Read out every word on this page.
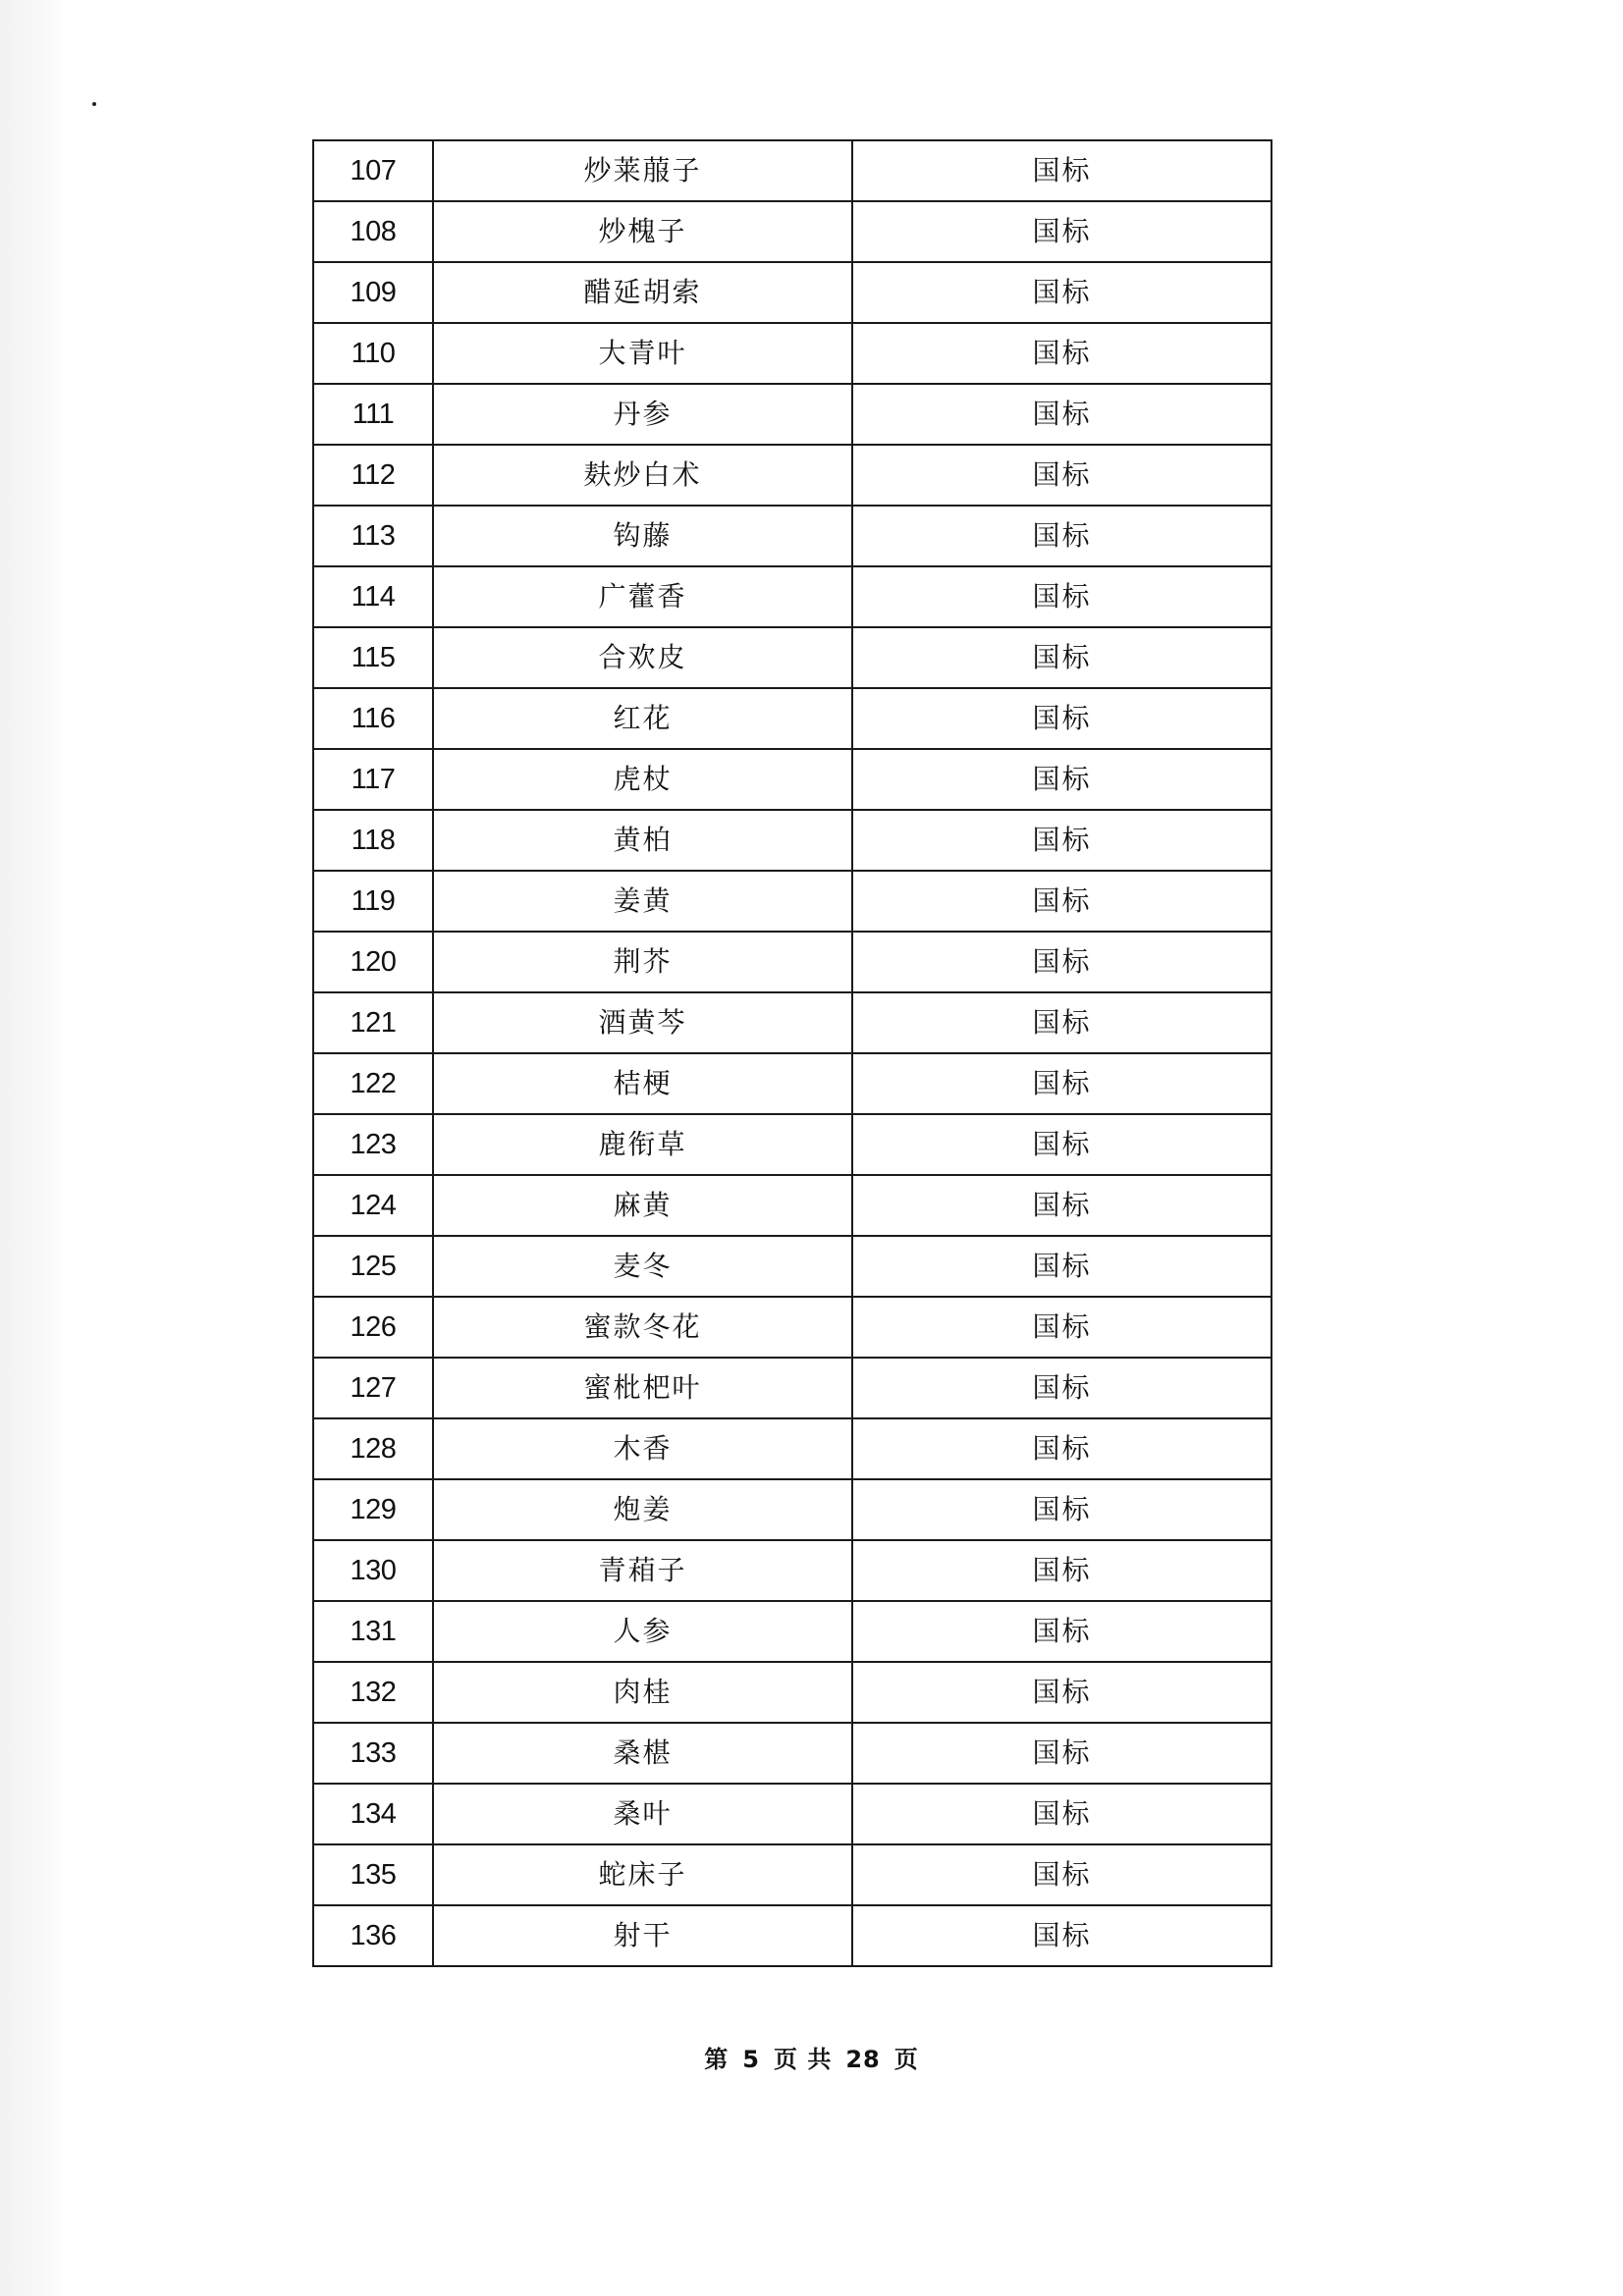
107	炒莱菔子	国标
108	炒槐子	国标
109	醋延胡索	国标
110	大青叶	国标
111	丹参	国标
112	麸炒白术	国标
113	钩藤	国标
114	广藿香	国标
115	合欢皮	国标
116	红花	国标
117	虎杖	国标
118	黄柏	国标
119	姜黄	国标
120	荆芥	国标
121	酒黄芩	国标
122	桔梗	国标
123	鹿衔草	国标
124	麻黄	国标
125	麦冬	国标
126	蜜款冬花	国标
127	蜜枇杷叶	国标
128	木香	国标
129	炮姜	国标
130	青葙子	国标
131	人参	国标
132	肉桂	国标
133	桑椹	国标
134	桑叶	国标
135	蛇床子	国标
136	射干	国标
第 5 页 共 28 页
